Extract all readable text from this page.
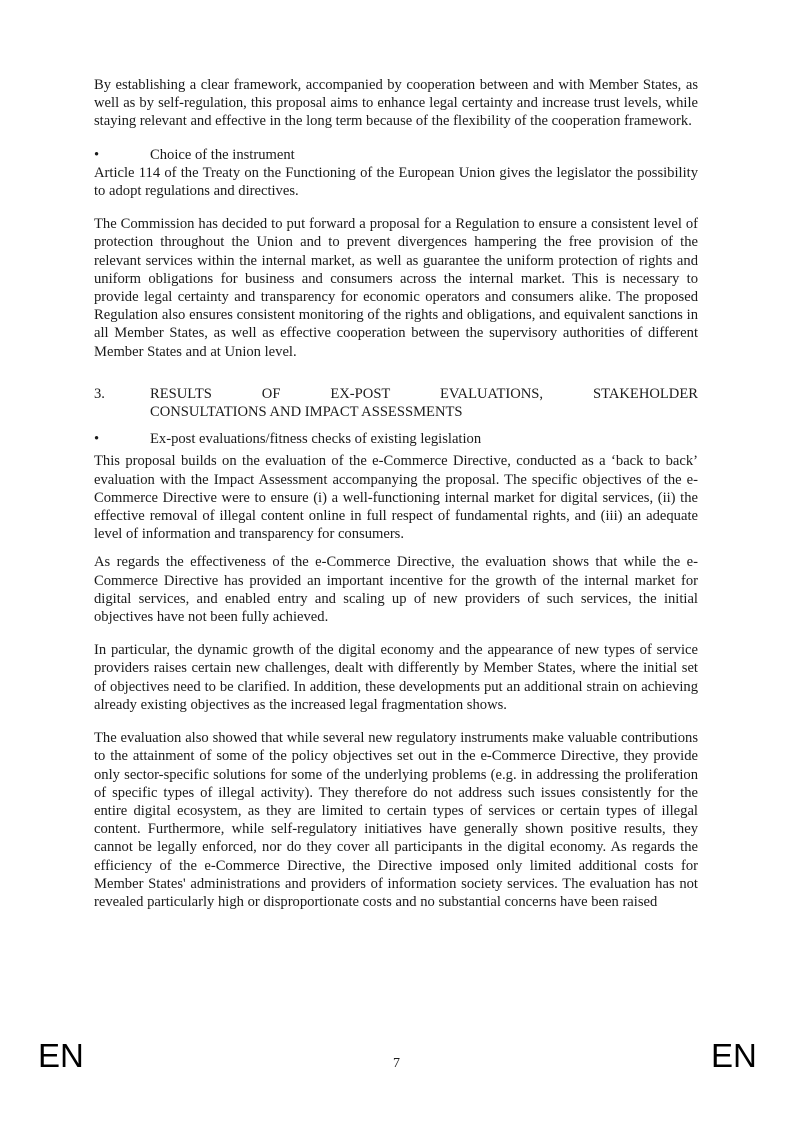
By establishing a clear framework, accompanied by cooperation between and with Member States, as well as by self-regulation, this proposal aims to enhance legal certainty and increase trust levels, while staying relevant and effective in the long term because of the flexibility of the cooperation framework.

•	Choice of the instrument

Article 114 of the Treaty on the Functioning of the European Union gives the legislator the possibility to adopt regulations and directives.

The Commission has decided to put forward a proposal for a Regulation to ensure a consistent level of protection throughout the Union and to prevent divergences hampering the free provision of the relevant services within the internal market, as well as guarantee the uniform protection of rights and uniform obligations for business and consumers across the internal market. This is necessary to provide legal certainty and transparency for economic operators and consumers alike. The proposed Regulation also ensures consistent monitoring of the rights and obligations, and equivalent sanctions in all Member States, as well as effective cooperation between the supervisory authorities of different Member States and at Union level.

3.	RESULTS OF EX-POST EVALUATIONS, STAKEHOLDER
CONSULTATIONS AND IMPACT ASSESSMENTS
•	Ex-post evaluations/fitness checks of existing legislation

This proposal builds on the evaluation of the e-Commerce Directive, conducted as a ‘back to back’ evaluation with the Impact Assessment accompanying the proposal. The specific objectives of the e-Commerce Directive were to ensure (i) a well-functioning internal market for digital services, (ii) the effective removal of illegal content online in full respect of fundamental rights, and (iii) an adequate level of information and transparency for consumers.

As regards the effectiveness of the e-Commerce Directive, the evaluation shows that while the e-Commerce Directive has provided an important incentive for the growth of the internal market for digital services, and enabled entry and scaling up of new providers of such services, the initial objectives have not been fully achieved.

In particular, the dynamic growth of the digital economy and the appearance of new types of service providers raises certain new challenges, dealt with differently by Member States, where the initial set of objectives need to be clarified. In addition, these developments put an additional strain on achieving already existing objectives as the increased legal fragmentation shows.

The evaluation also showed that while several new regulatory instruments make valuable contributions to the attainment of some of the policy objectives set out in the e-Commerce Directive, they provide only sector-specific solutions for some of the underlying problems (e.g. in addressing the proliferation of specific types of illegal activity). They therefore do not address such issues consistently for the entire digital ecosystem, as they are limited to certain types of services or certain types of illegal content. Furthermore, while self-regulatory initiatives have generally shown positive results, they cannot be legally enforced, nor do they cover all participants in the digital economy. As regards the efficiency of the e-Commerce Directive, the Directive imposed only limited additional costs for Member States' administrations and providers of information society services. The evaluation has not revealed particularly high or disproportionate costs and no substantial concerns have been raised

EN	7	EN
